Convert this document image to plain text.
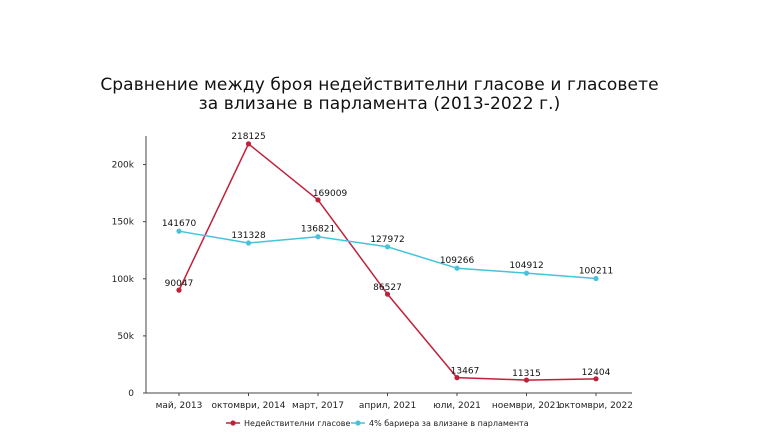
Сравнение между броя недействителни гласове и гласовете
за влизане в парламента (2013-2022 г.)
0
50k
100k
150k
200k
май, 2013 октомври, 2014 март, 2017 април, 2021 юли, 2021 ноември, 2021
октомври, 2022
90047
218125
169009
86527
13467	11315	12404
141670
131328
136821
127972
109266	104912
100211
Недействителни гласове 4% бариера за влизане в парламента
